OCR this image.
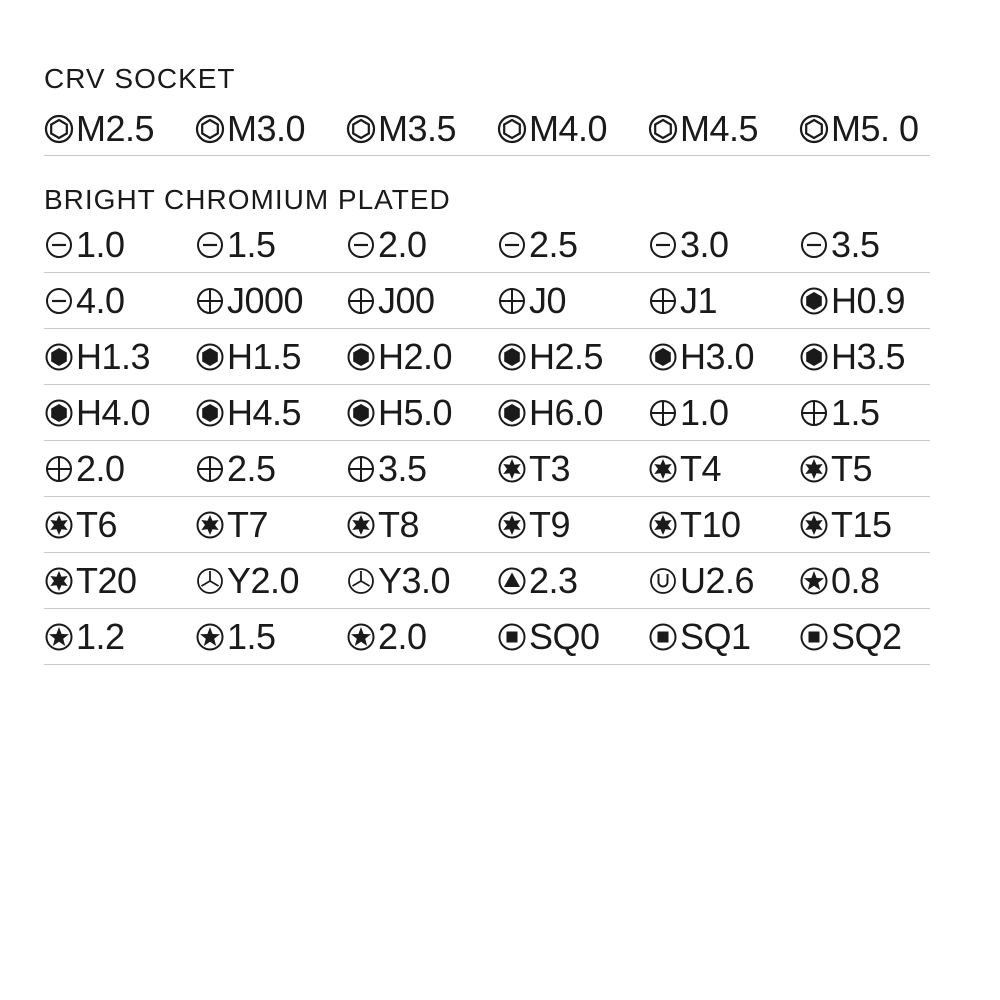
CRV SOCKET
M2.5 M3.0 M3.5 M4.0 M4.5 M5. 0
BRIGHT CHROMIUM PLATED
1.0	1.5	2.0	2.5	3.0	3.5
4.0	J000 J00	J0	J1	H0.9
H1.3 H1.5 H2.0 H2.5 H3.0 H3.5
H4.0 H4.5 H5.0 H6.0 1.0	1.5
2.0	2.5	3.5	T3	T4	T5
T6	T7	T8	T9	T10	T15
T20	Y2.0 Y3.0 2.3	U2.6 0.8
1.2	1.5	2.0	SQ0 SQ1 SQ2
